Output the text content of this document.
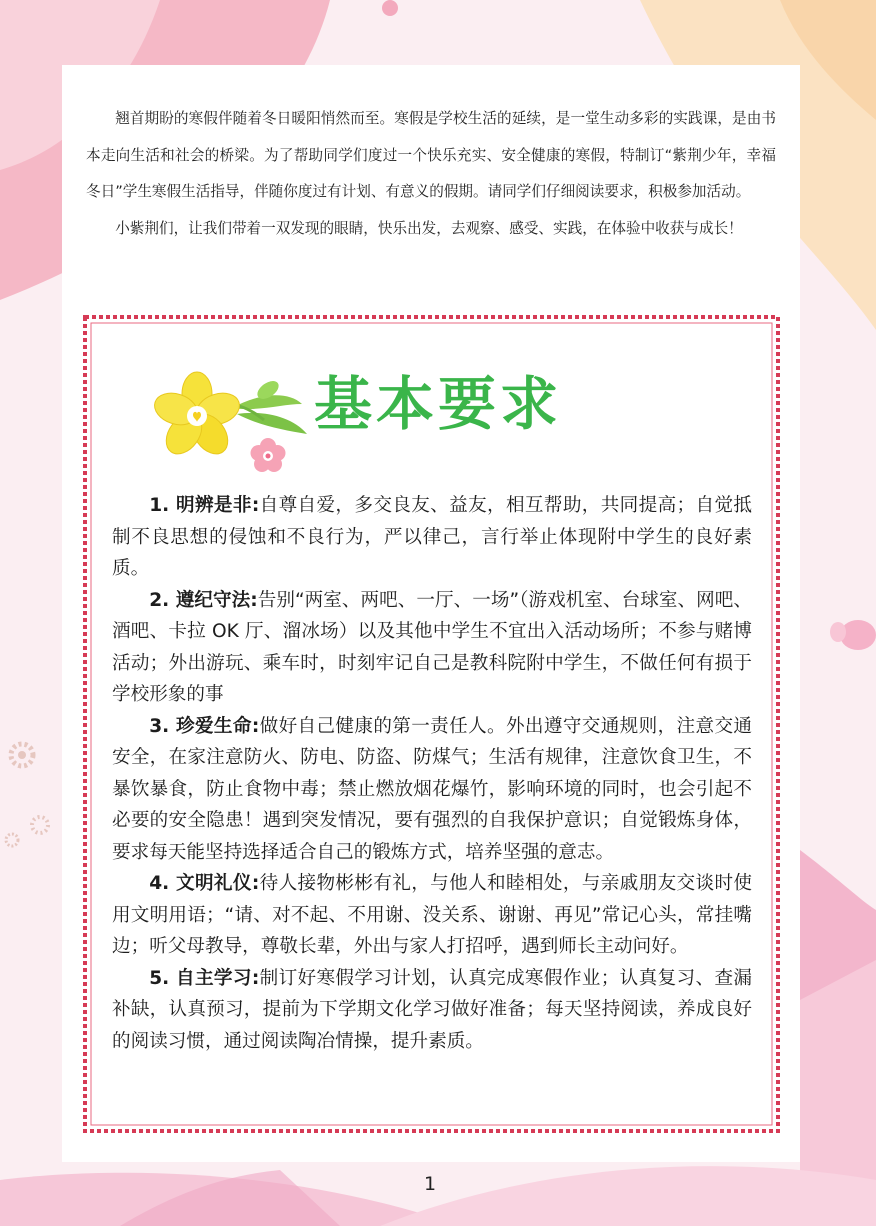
翘首期盼的寒假伴随着冬日暖阳悄然而至。寒假是学校生活的延续，是一堂生动多彩的实践课，是由书本走向生活和社会的桥梁。为了帮助同学们度过一个快乐充实、安全健康的寒假，特制订“紫荆少年，幸福冬日”学生寒假生活指导，伴随你度过有计划、有意义的假期。请同学们仔细阅读要求，积极参加活动。

小紫荆们，让我们带着一双发现的眼睛，快乐出发，去观察、感受、实践，在体验中收获与成长！

基本要求

1. 明辨是非:自尊自爱，多交良友、益友，相互帮助，共同提高；自觉抵制不良思想的侵蚀和不良行为，严以律己，言行举止体现附中学生的良好素质。

2. 遵纪守法:告别“两室、两吧、一厅、一场”（游戏机室、台球室、网吧、酒吧、卡拉 OK 厅、溜冰场）以及其他中学生不宜出入活动场所；不参与赌博活动；外出游玩、乘车时，时刻牢记自己是教科院附中学生，不做任何有损于学校形象的事

3. 珍爱生命:做好自己健康的第一责任人。外出遵守交通规则，注意交通安全，在家注意防火、防电、防盗、防煤气；生活有规律，注意饮食卫生，不暴饮暴食，防止食物中毒；禁止燃放烟花爆竹，影响环境的同时，也会引起不必要的安全隐患！遇到突发情况，要有强烈的自我保护意识；自觉锻炼身体，要求每天能坚持选择适合自己的锻炼方式，培养坚强的意志。

4. 文明礼仪:待人接物彬彬有礼，与他人和睦相处，与亲戚朋友交谈时使用文明用语；“请、对不起、不用谢、没关系、谢谢、再见”常记心头，常挂嘴边；听父母教导，尊敬长辈，外出与家人打招呼，遇到师长主动问好。

5. 自主学习:制订好寒假学习计划，认真完成寒假作业；认真复习、查漏补缺，认真预习，提前为下学期文化学习做好准备；每天坚持阅读，养成良好的阅读习惯，通过阅读陶冶情操，提升素质。

1
